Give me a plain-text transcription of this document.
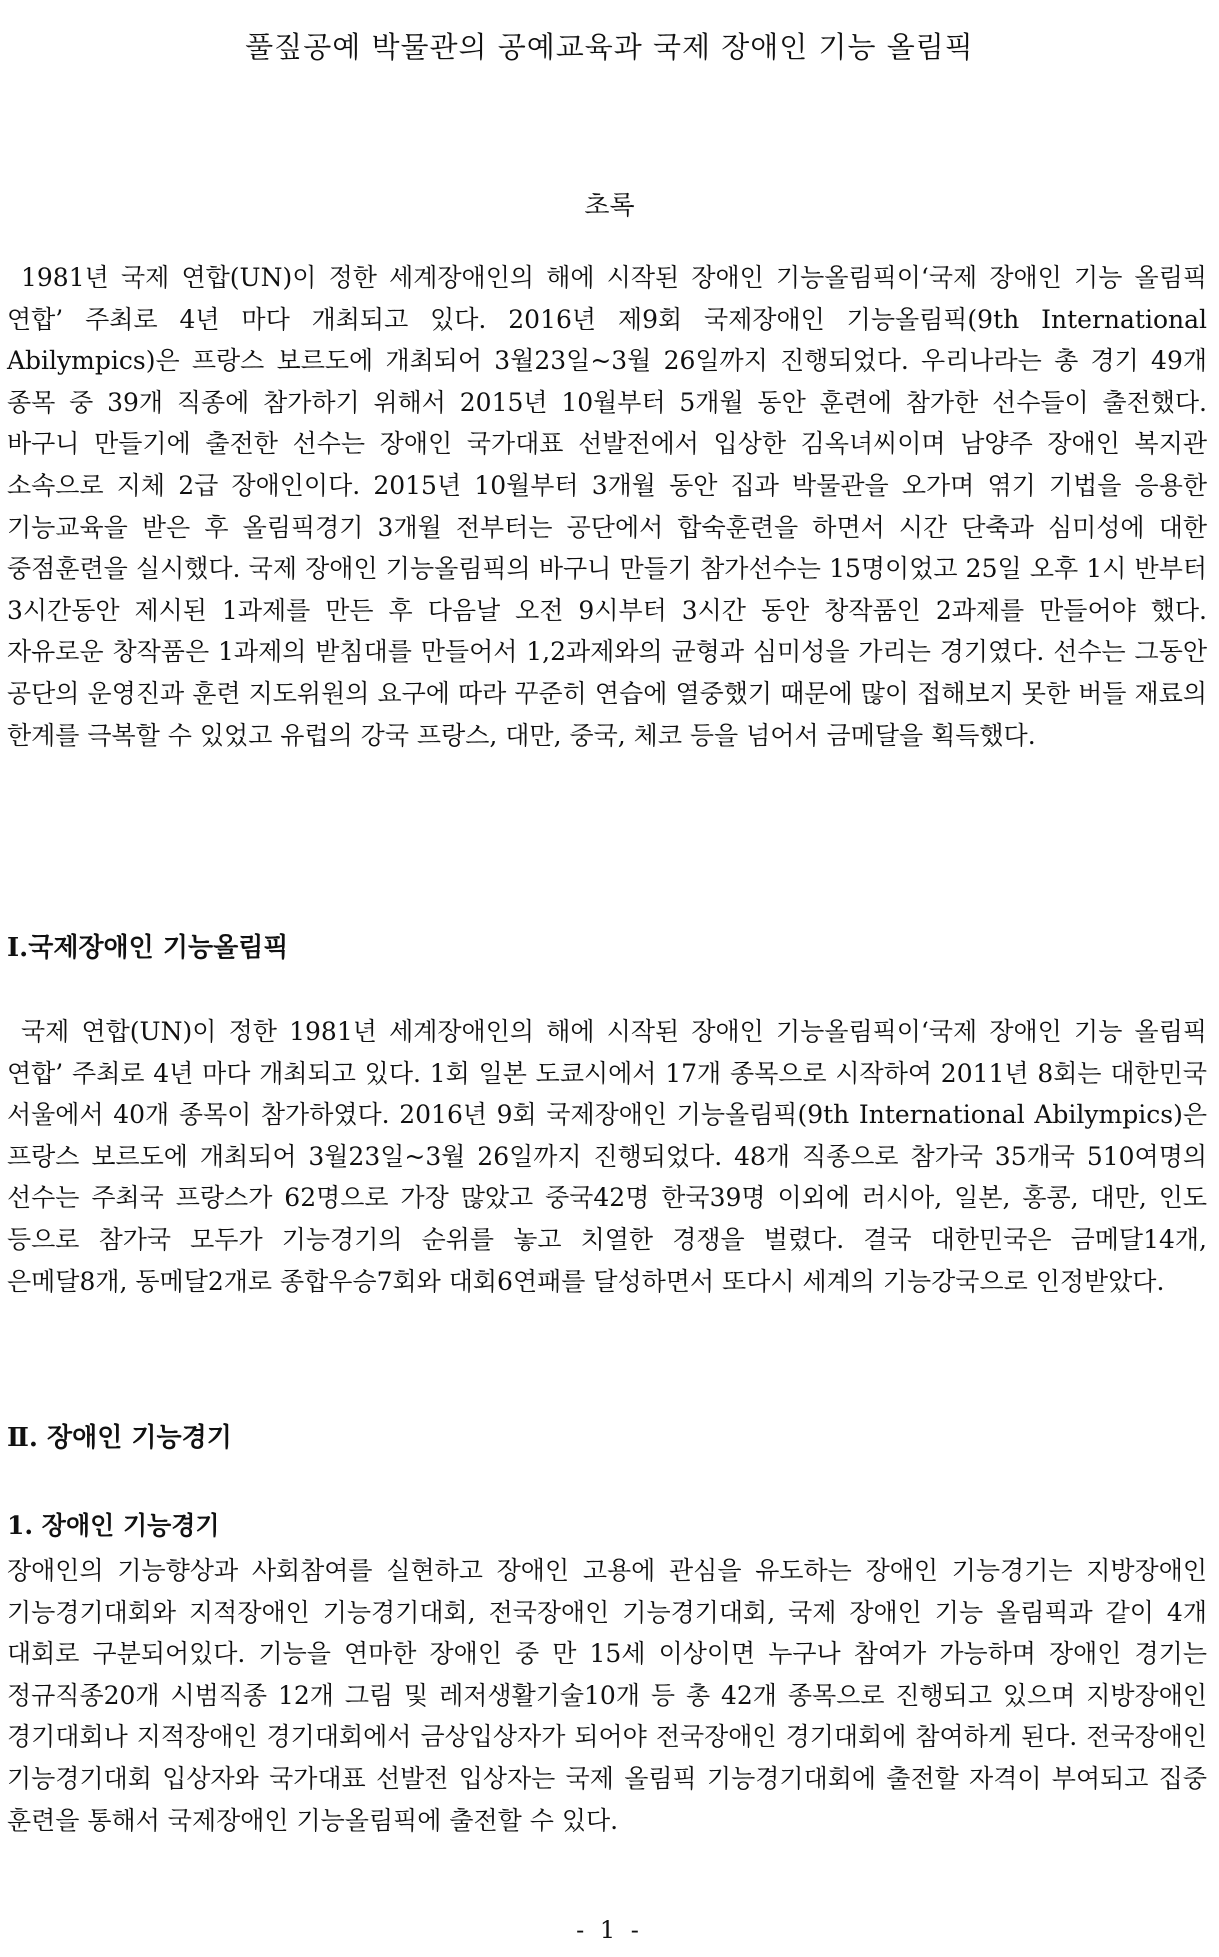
풀짚공예 박물관의 공예교육과 국제 장애인 기능 올림픽
초록

1981년 국제 연합(UN)이 정한 세계장애인의 해에 시작된 장애인 기능올림픽이‘국제 장애인 기능 올림픽 연합’ 주최로 4년 마다 개최되고 있다. 2016년 제9회 국제장애인 기능올림픽(9th International Abilympics)은 프랑스 보르도에 개최되어 3월23일~3월 26일까지 진행되었다. 우리나라는 총 경기 49개 종목 중 39개 직종에 참가하기 위해서 2015년 10월부터 5개월 동안 훈련에 참가한 선수들이 출전했다. 바구니 만들기에 출전한 선수는 장애인 국가대표 선발전에서 입상한 김옥녀씨이며 남양주 장애인 복지관 소속으로 지체 2급 장애인이다. 2015년 10월부터 3개월 동안 집과 박물관을 오가며 엮기 기법을 응용한 기능교육을 받은 후 올림픽경기 3개월 전부터는 공단에서 합숙훈련을 하면서 시간 단축과 심미성에 대한 중점훈련을 실시했다. 국제 장애인 기능올림픽의 바구니 만들기 참가선수는 15명이었고 25일 오후 1시 반부터 3시간동안 제시된 1과제를 만든 후 다음날 오전 9시부터 3시간 동안 창작품인 2과제를 만들어야 했다. 자유로운 창작품은 1과제의 받침대를 만들어서 1,2과제와의 균형과 심미성을 가리는 경기였다. 선수는 그동안 공단의 운영진과 훈련 지도위원의 요구에 따라 꾸준히 연습에 열중했기 때문에 많이 접해보지 못한 버들 재료의 한계를 극복할 수 있었고 유럽의 강국 프랑스, 대만, 중국, 체코 등을 넘어서 금메달을 획득했다.

Ⅰ.국제장애인 기능올림픽

국제 연합(UN)이 정한 1981년 세계장애인의 해에 시작된 장애인 기능올림픽이‘국제 장애인 기능 올림픽 연합’ 주최로 4년 마다 개최되고 있다. 1회 일본 도쿄시에서 17개 종목으로 시작하여 2011년 8회는 대한민국 서울에서 40개 종목이 참가하였다. 2016년 9회 국제장애인 기능올림픽(9th International Abilympics)은 프랑스 보르도에 개최되어 3월23일~3월 26일까지 진행되었다. 48개 직종으로 참가국 35개국 510여명의 선수는 주최국 프랑스가 62명으로 가장 많았고 중국42명 한국39명 이외에 러시아, 일본, 홍콩, 대만, 인도 등으로 참가국 모두가 기능경기의 순위를 놓고 치열한 경쟁을 벌렸다. 결국 대한민국은 금메달14개, 은메달8개, 동메달2개로 종합우승7회와 대회6연패를 달성하면서 또다시 세계의 기능강국으로 인정받았다.

Ⅱ. 장애인 기능경기
1. 장애인 기능경기

장애인의 기능향상과 사회참여를 실현하고 장애인 고용에 관심을 유도하는 장애인 기능경기는 지방장애인 기능경기대회와 지적장애인 기능경기대회, 전국장애인 기능경기대회, 국제 장애인 기능 올림픽과 같이 4개 대회로 구분되어있다. 기능을 연마한 장애인 중 만 15세 이상이면 누구나 참여가 가능하며 장애인 경기는 정규직종20개 시범직종 12개 그림 및 레저생활기술10개 등 총 42개 종목으로 진행되고 있으며 지방장애인 경기대회나 지적장애인 경기대회에서 금상입상자가 되어야 전국장애인 경기대회에 참여하게 된다. 전국장애인 기능경기대회 입상자와 국가대표 선발전 입상자는 국제 올림픽 기능경기대회에 출전할 자격이 부여되고 집중 훈련을 통해서 국제장애인 기능올림픽에 출전할 수 있다.

- 1 -
